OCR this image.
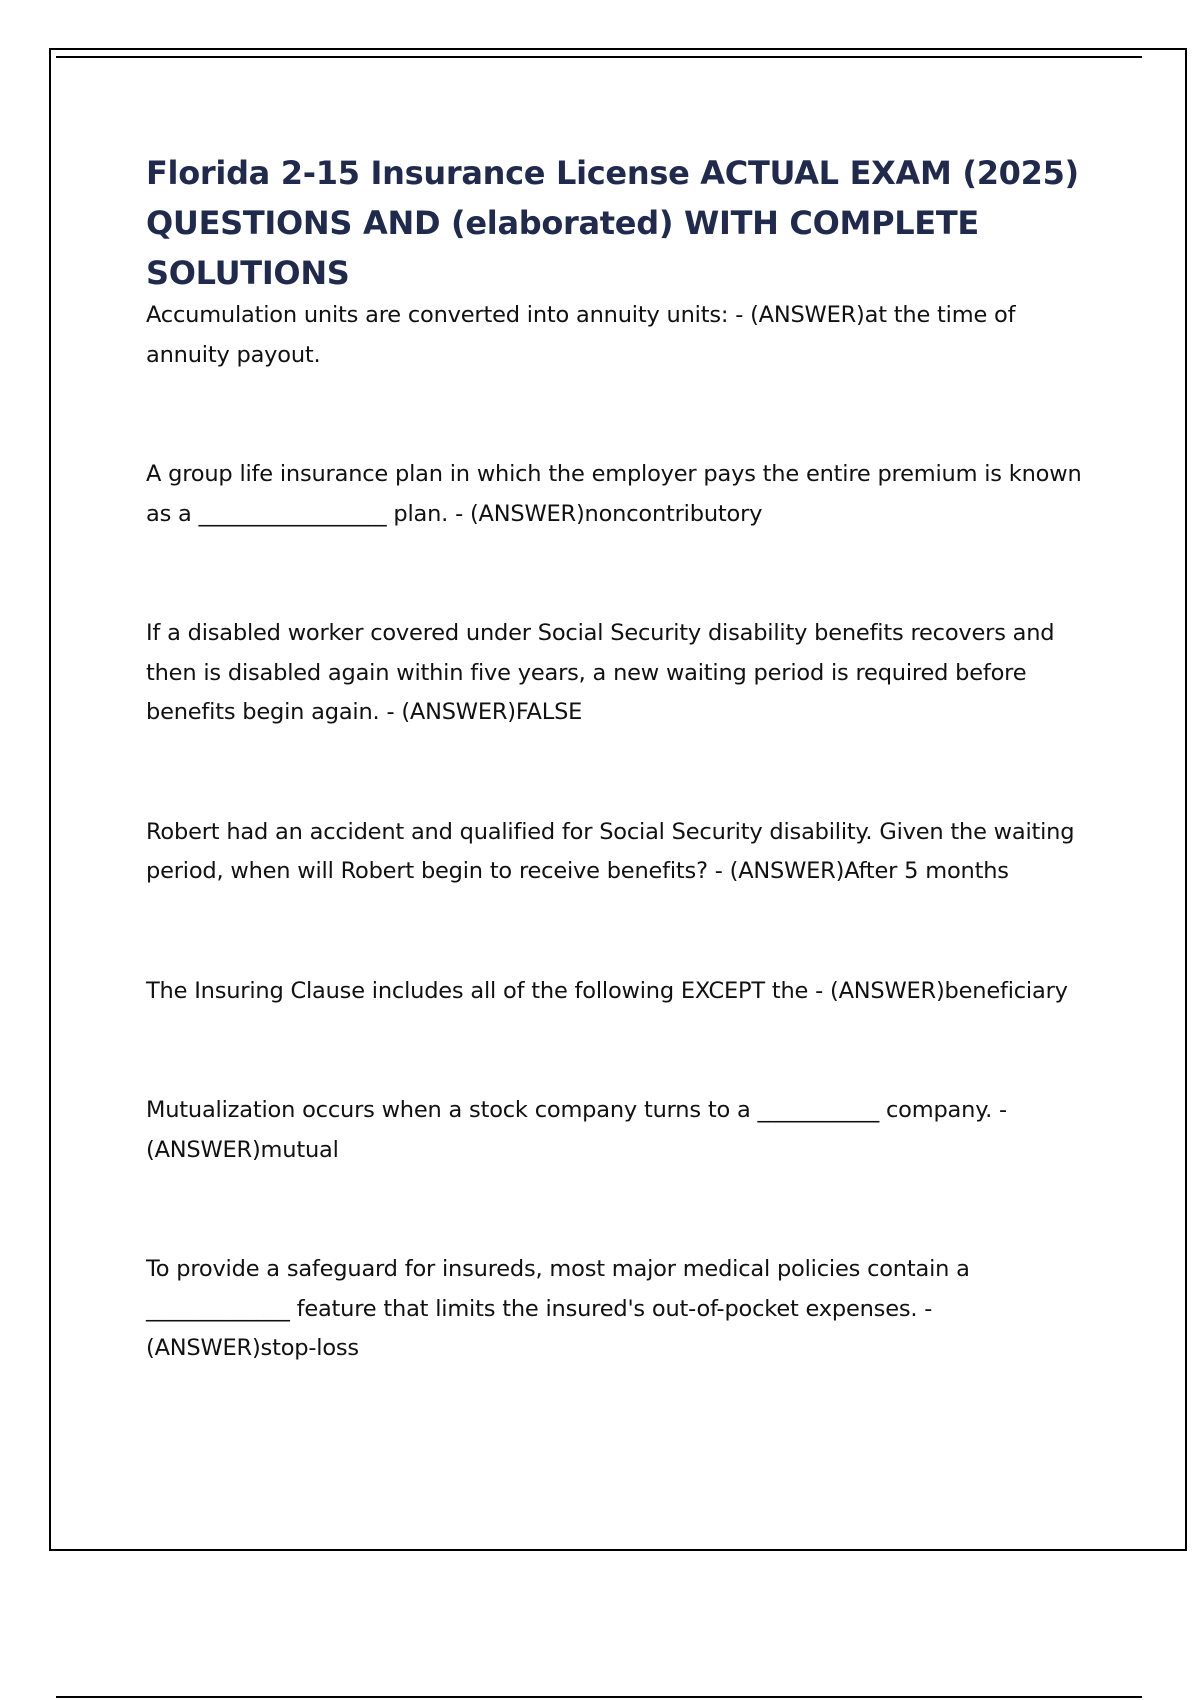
Florida 2-15 Insurance License ACTUAL EXAM (2025) QUESTIONS AND (elaborated) WITH COMPLETE SOLUTIONS

Accumulation units are converted into annuity units: - (ANSWER)at the time of annuity payout.

A group life insurance plan in which the employer pays the entire premium is known as a _________________ plan. - (ANSWER)noncontributory

If a disabled worker covered under Social Security disability benefits recovers and then is disabled again within five years, a new waiting period is required before benefits begin again. - (ANSWER)FALSE

Robert had an accident and qualified for Social Security disability. Given the waiting period, when will Robert begin to receive benefits? - (ANSWER)After 5 months

The Insuring Clause includes all of the following EXCEPT the - (ANSWER)beneficiary

Mutualization occurs when a stock company turns to a ___________ company. - (ANSWER)mutual

To provide a safeguard for insureds, most major medical policies contain a _____________ feature that limits the insured's out-of-pocket expenses. - (ANSWER)stop-loss
